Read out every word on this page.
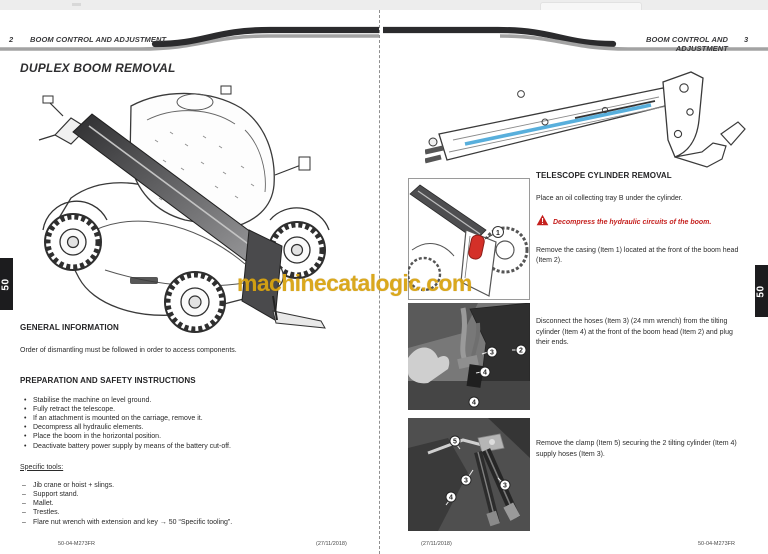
2 BOOM CONTROL AND ADJUSTMENT
DUPLEX BOOM REMOVAL
GENERAL INFORMATION

Order of dismantling must be followed in order to access components.

PREPARATION AND SAFETY INSTRUCTIONS
• Stabilise the machine on level ground.
• Fully retract the telescope.
• If an attachment is mounted on the carriage, remove it.
• Decompress all hydraulic elements.
• Place the boom in the horizontal position.
• Deactivate battery power supply by means of the battery cut-off.
Specific tools:
– Jib crane or hoist + slings.
– Support stand.
– Mallet.
– Trestles.
– Flare nut wrench with extension and key → 50 “Specific tooling”.
50-04-M273FR	(27/11/2018)
BOOM CONTROL AND ADJUSTMENT
3
1
3	2
4
4
5
3
3
4
TELESCOPE CYLINDER REMOVAL

Place an oil collecting tray B under the cylinder.

! Decompress the hydraulic circuits of the boom.

Remove the casing (Item 1) located at the front of the boom head (Item 2).

Disconnect the hoses (Item 3) (24 mm wrench) from the tilting cylinder (Item 4) at the front of the boom head (Item 2) and plug their ends.

Remove the clamp (Item 5) securing the 2 tilting cylinder (Item 4) supply hoses (Item 3).

(27/11/2018)	50-04-M273FR
50
50
machinecatalogic.com
